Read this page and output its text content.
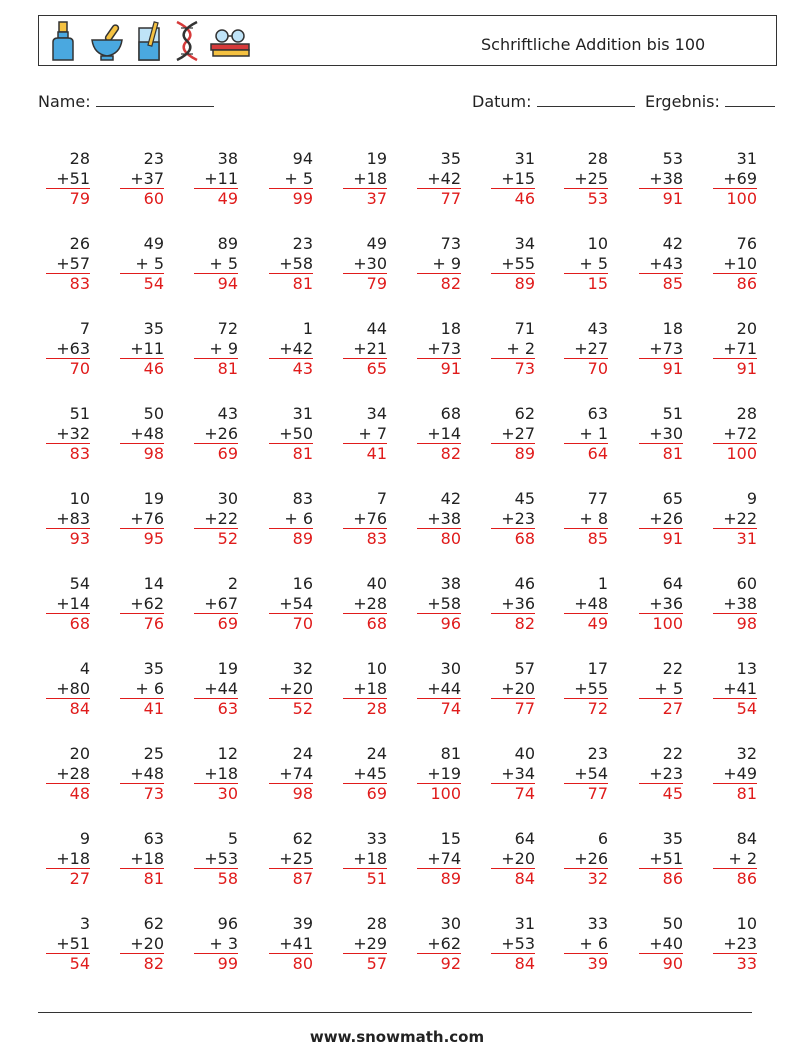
Schriftliche Addition bis 100
Name:	Datum:	Ergebnis:
28
+51
79
23
+37
60
38
+11
49
94
+ 5
99
19
+18
37
35
+42
77
31
+15
46
28
+25
53
53
+38
91
31
+69
100
26
+57
83
49
+ 5
54
89
+ 5
94
23
+58
81
49
+30
79
73
+ 9
82
34
+55
89
10
+ 5
15
42
+43
85
76
+10
86
7
+63
70
35
+11
46
72
+ 9
81
1
+42
43
44
+21
65
18
+73
91
71
+ 2
73
43
+27
70
18
+73
91
20
+71
91
51
+32
83
50
+48
98
43
+26
69
31
+50
81
34
+ 7
41
68
+14
82
62
+27
89
63
+ 1
64
51
+30
81
28
+72
100
10
+83
93
19
+76
95
30
+22
52
83
+ 6
89
7
+76
83
42
+38
80
45
+23
68
77
+ 8
85
65
+26
91
9
+22
31
54
+14
68
14
+62
76
2
+67
69
16
+54
70
40
+28
68
38
+58
96
46
+36
82
1
+48
49
64
+36
100
60
+38
98
4
+80
84
35
+ 6
41
19
+44
63
32
+20
52
10
+18
28
30
+44
74
57
+20
77
17
+55
72
22
+ 5
27
13
+41
54
20
+28
48
25
+48
73
12
+18
30
24
+74
98
24
+45
69
81
+19
100
40
+34
74
23
+54
77
22
+23
45
32
+49
81
9
+18
27
63
+18
81
5
+53
58
62
+25
87
33
+18
51
15
+74
89
64
+20
84
6
+26
32
35
+51
86
84
+ 2
86
3
+51
54
62
+20
82
96
+ 3
99
39
+41
80
28
+29
57
30
+62
92
31
+53
84
33
+ 6
39
50
+40
90
10
+23
33
www.snowmath.com
